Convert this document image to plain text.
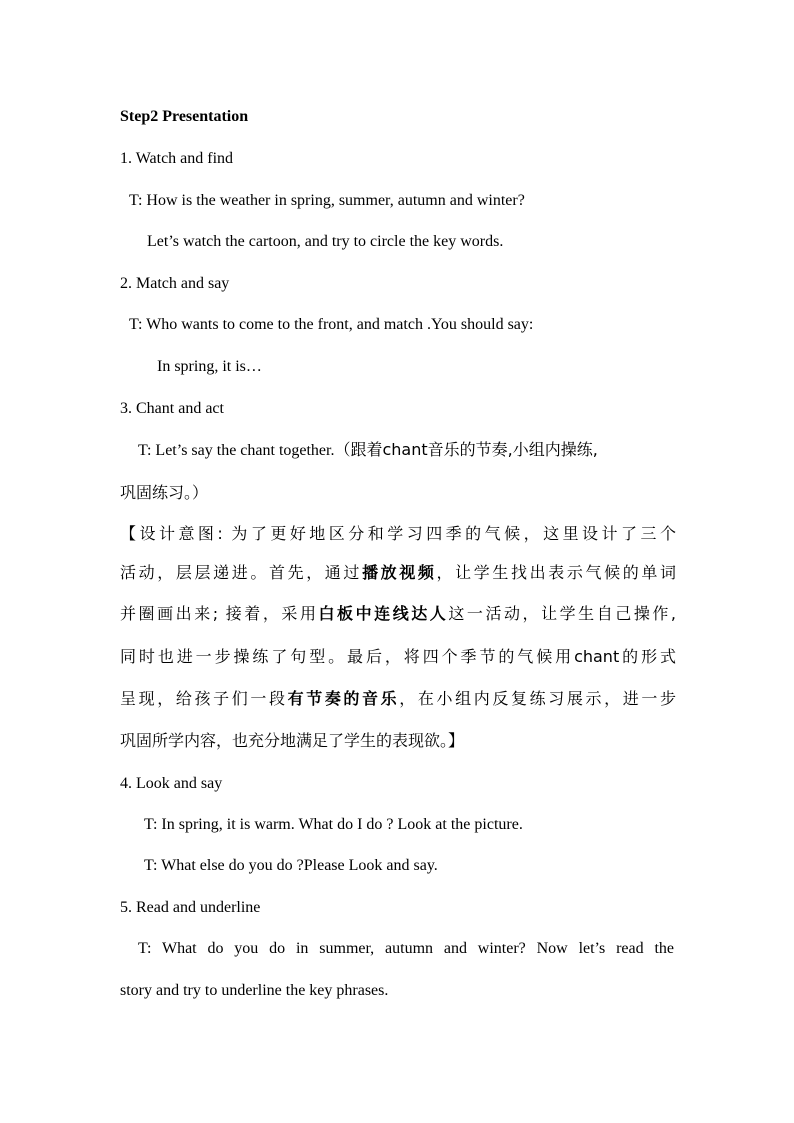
Step2 Presentation
1. Watch and find
T: How is the weather in spring, summer, autumn and winter?
Let’s watch the cartoon, and try to circle the key words.
2. Match and say
T: Who wants to come to the front, and match .You should say:
In spring, it is…
3. Chant and act
T: Let’s say the chant together.（跟着chant音乐的节奏,小组内操练,
巩固练习。）
【设计意图: 为了更好地区分和学习四季的气候，这里设计了三个
活动，层层递进。首先，通过播放视频，让学生找出表示气候的单词
并圈画出来; 接着，采用白板中连线达人这一活动，让学生自己操作,
同时也进一步操练了句型。最后，将四个季节的气候用chant的形式
呈现，给孩子们一段有节奏的音乐，在小组内反复练习展示，进一步
巩固所学内容，也充分地满足了学生的表现欲。】
4. Look and say
T: In spring, it is warm. What do I do ? Look at the picture.
T: What else do you do ?Please Look and say.
5. Read and underline
T: What do you do in summer, autumn and winter? Now let’s read the
story and try to underline the key phrases.
